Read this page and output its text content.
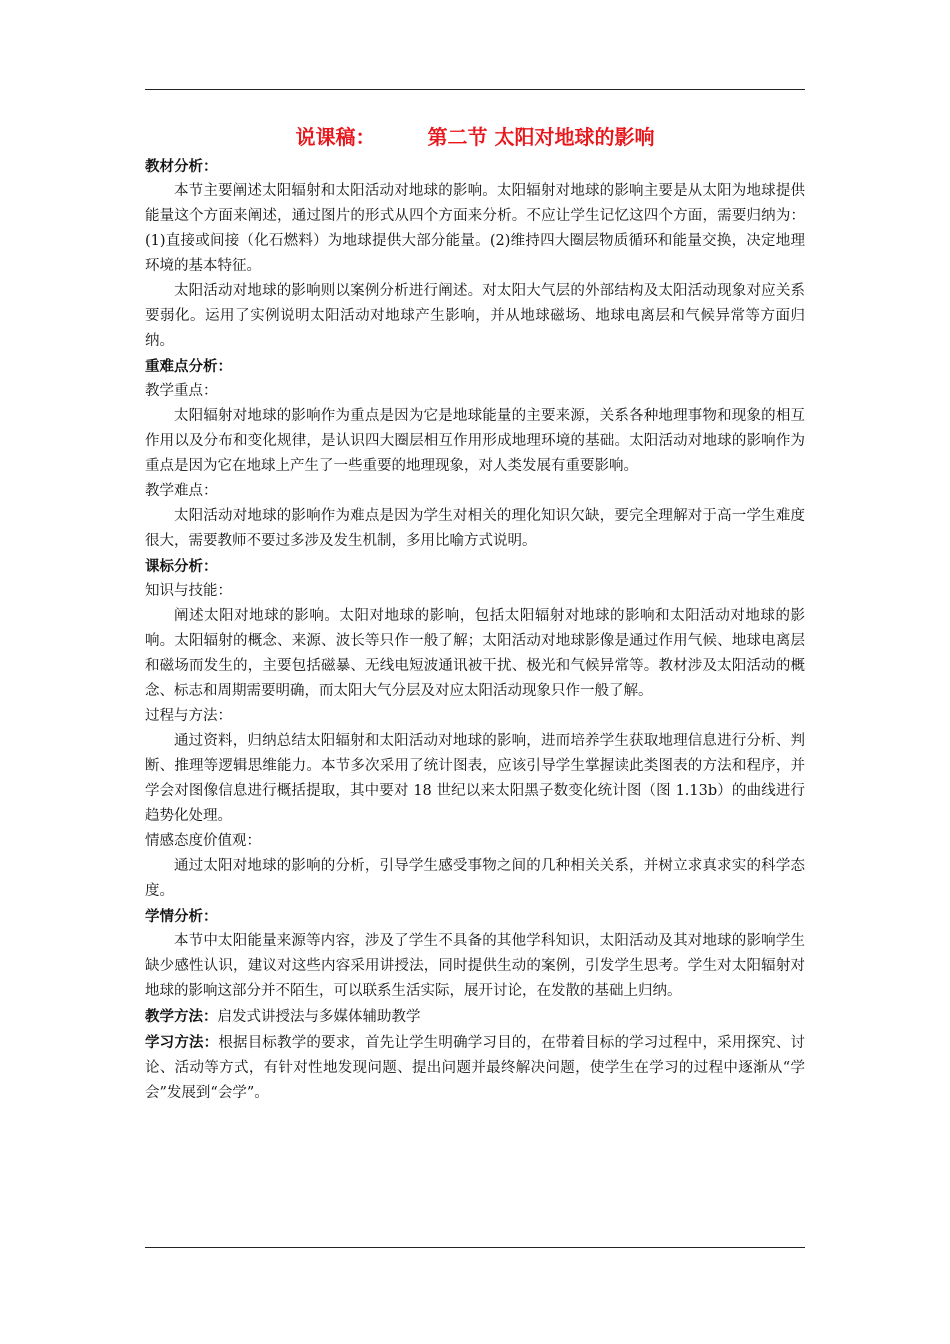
说课稿：	第二节 太阳对地球的影响

教材分析：

本节主要阐述太阳辐射和太阳活动对地球的影响。太阳辐射对地球的影响主要是从太阳为地球提供能量这个方面来阐述，通过图片的形式从四个方面来分析。不应让学生记忆这四个方面，需要归纳为：(1)直接或间接（化石燃料）为地球提供大部分能量。(2)维持四大圈层物质循环和能量交换，决定地理环境的基本特征。

太阳活动对地球的影响则以案例分析进行阐述。对太阳大气层的外部结构及太阳活动现象对应关系要弱化。运用了实例说明太阳活动对地球产生影响，并从地球磁场、地球电离层和气候异常等方面归纳。

重难点分析：

教学重点：

太阳辐射对地球的影响作为重点是因为它是地球能量的主要来源，关系各种地理事物和现象的相互作用以及分布和变化规律，是认识四大圈层相互作用形成地理环境的基础。太阳活动对地球的影响作为重点是因为它在地球上产生了一些重要的地理现象，对人类发展有重要影响。

教学难点：

太阳活动对地球的影响作为难点是因为学生对相关的理化知识欠缺，要完全理解对于高一学生难度很大，需要教师不要过多涉及发生机制，多用比喻方式说明。

课标分析：

知识与技能：

阐述太阳对地球的影响。太阳对地球的影响，包括太阳辐射对地球的影响和太阳活动对地球的影响。太阳辐射的概念、来源、波长等只作一般了解；太阳活动对地球影像是通过作用气候、地球电离层和磁场而发生的，主要包括磁暴、无线电短波通讯被干扰、极光和气候异常等。教材涉及太阳活动的概念、标志和周期需要明确，而太阳大气分层及对应太阳活动现象只作一般了解。

过程与方法：

通过资料，归纳总结太阳辐射和太阳活动对地球的影响，进而培养学生获取地理信息进行分析、判断、推理等逻辑思维能力。本节多次采用了统计图表，应该引导学生掌握读此类图表的方法和程序，并学会对图像信息进行概括提取，其中要对 18 世纪以来太阳黑子数变化统计图（图 1.13b）的曲线进行趋势化处理。

情感态度价值观：

通过太阳对地球的影响的分析，引导学生感受事物之间的几种相关关系，并树立求真求实的科学态度。

学情分析：

本节中太阳能量来源等内容，涉及了学生不具备的其他学科知识，太阳活动及其对地球的影响学生缺少感性认识，建议对这些内容采用讲授法，同时提供生动的案例，引发学生思考。学生对太阳辐射对地球的影响这部分并不陌生，可以联系生活实际，展开讨论，在发散的基础上归纳。

教学方法：启发式讲授法与多媒体辅助教学

学习方法：根据目标教学的要求，首先让学生明确学习目的，在带着目标的学习过程中，采用探究、讨论、活动等方式，有针对性地发现问题、提出问题并最终解决问题，使学生在学习的过程中逐渐从“学会”发展到“会学”。
